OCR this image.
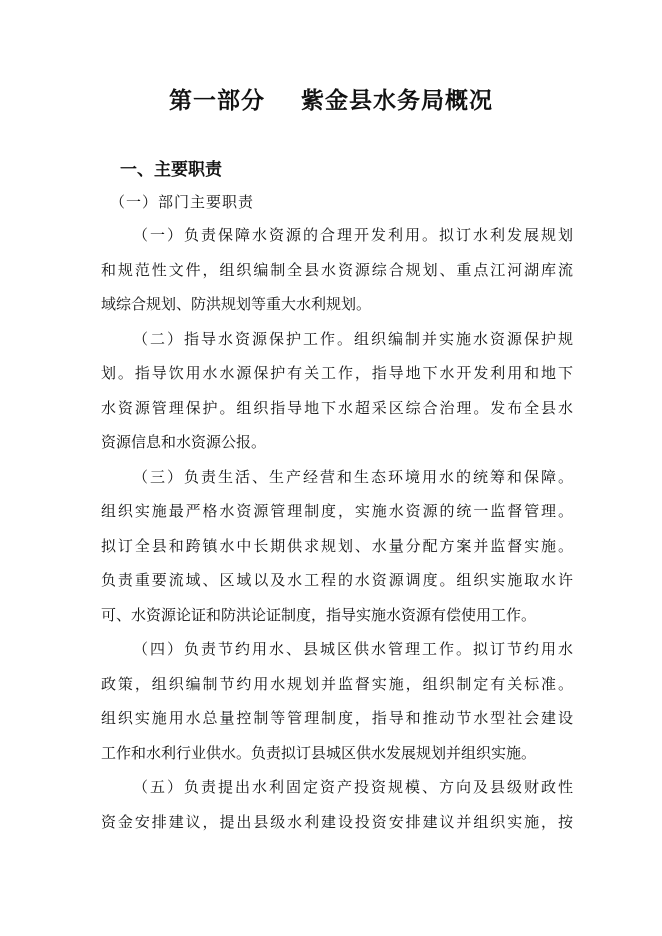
第一部分    紫金县水务局概况
一、主要职责
（一）部门主要职责
（一）负责保障水资源的合理开发利用。拟订水利发展规划
和规范性文件，组织编制全县水资源综合规划、重点江河湖库流
域综合规划、防洪规划等重大水利规划。
（二）指导水资源保护工作。组织编制并实施水资源保护规
划。指导饮用水水源保护有关工作，指导地下水开发利用和地下
水资源管理保护。组织指导地下水超采区综合治理。发布全县水
资源信息和水资源公报。
（三）负责生活、生产经营和生态环境用水的统筹和保障。
组织实施最严格水资源管理制度，实施水资源的统一监督管理。
拟订全县和跨镇水中长期供求规划、水量分配方案并监督实施。
负责重要流域、区域以及水工程的水资源调度。组织实施取水许
可、水资源论证和防洪论证制度，指导实施水资源有偿使用工作。
（四）负责节约用水、县城区供水管理工作。拟订节约用水
政策，组织编制节约用水规划并监督实施，组织制定有关标准。
组织实施用水总量控制等管理制度，指导和推动节水型社会建设
工作和水利行业供水。负责拟订县城区供水发展规划并组织实施。
（五）负责提出水利固定资产投资规模、方向及县级财政性
资金安排建议，提出县级水利建设投资安排建议并组织实施，按
